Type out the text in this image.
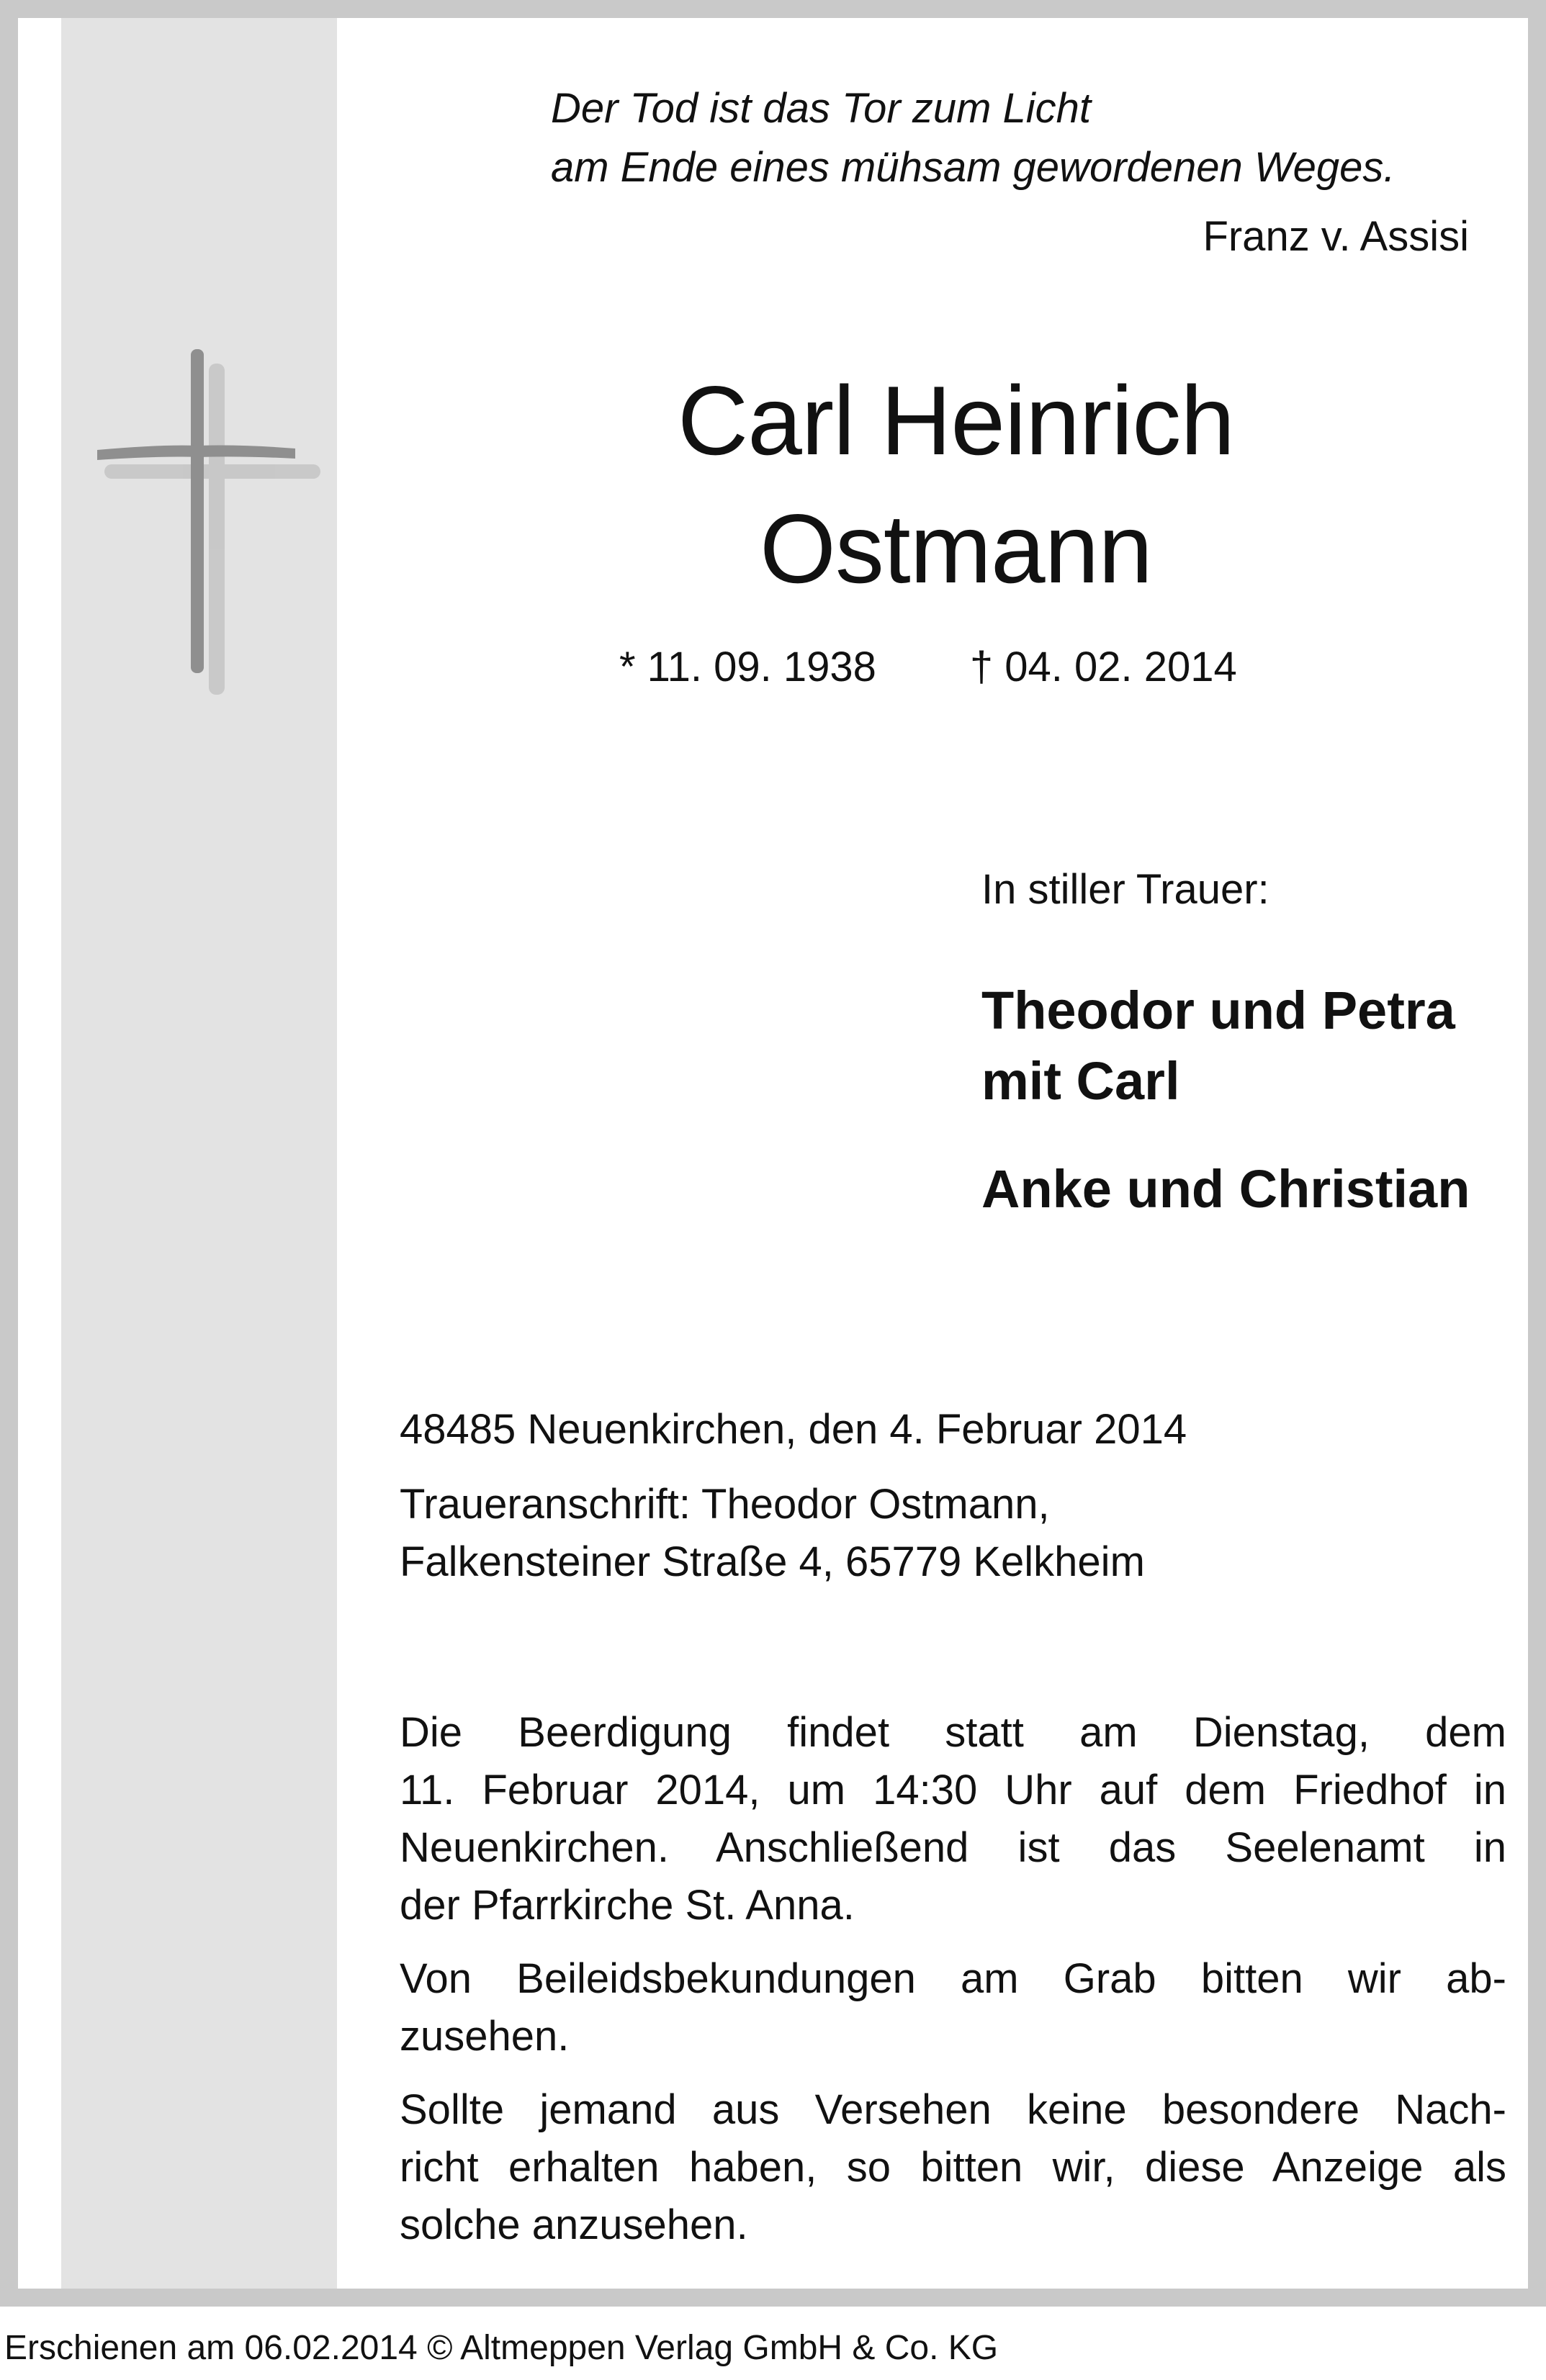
Der Tod ist das Tor zum Licht
am Ende eines mühsam gewordenen Weges.
Franz v. Assisi
Carl Heinrich
Ostmann
* 11. 09. 1938 † 04. 02. 2014
In stiller Trauer:
Theodor und Petra
mit Carl
Anke und Christian
48485 Neuenkirchen, den 4. Februar 2014
Traueranschrift: Theodor Ostmann,
Falkensteiner Straße 4, 65779 Kelkheim

Die Beerdigung findet statt am Dienstag, dem
11. Februar 2014, um 14:30 Uhr auf dem Friedhof in
Neuenkirchen. Anschließend ist das Seelenamt in
der Pfarrkirche St. Anna.

Von Beileidsbekundungen am Grab bitten wir ab-
zusehen.

Sollte jemand aus Versehen keine besondere Nach-
richt erhalten haben, so bitten wir, diese Anzeige als
solche anzusehen.

Erschienen am 06.02.2014 © Altmeppen Verlag GmbH & Co. KG
